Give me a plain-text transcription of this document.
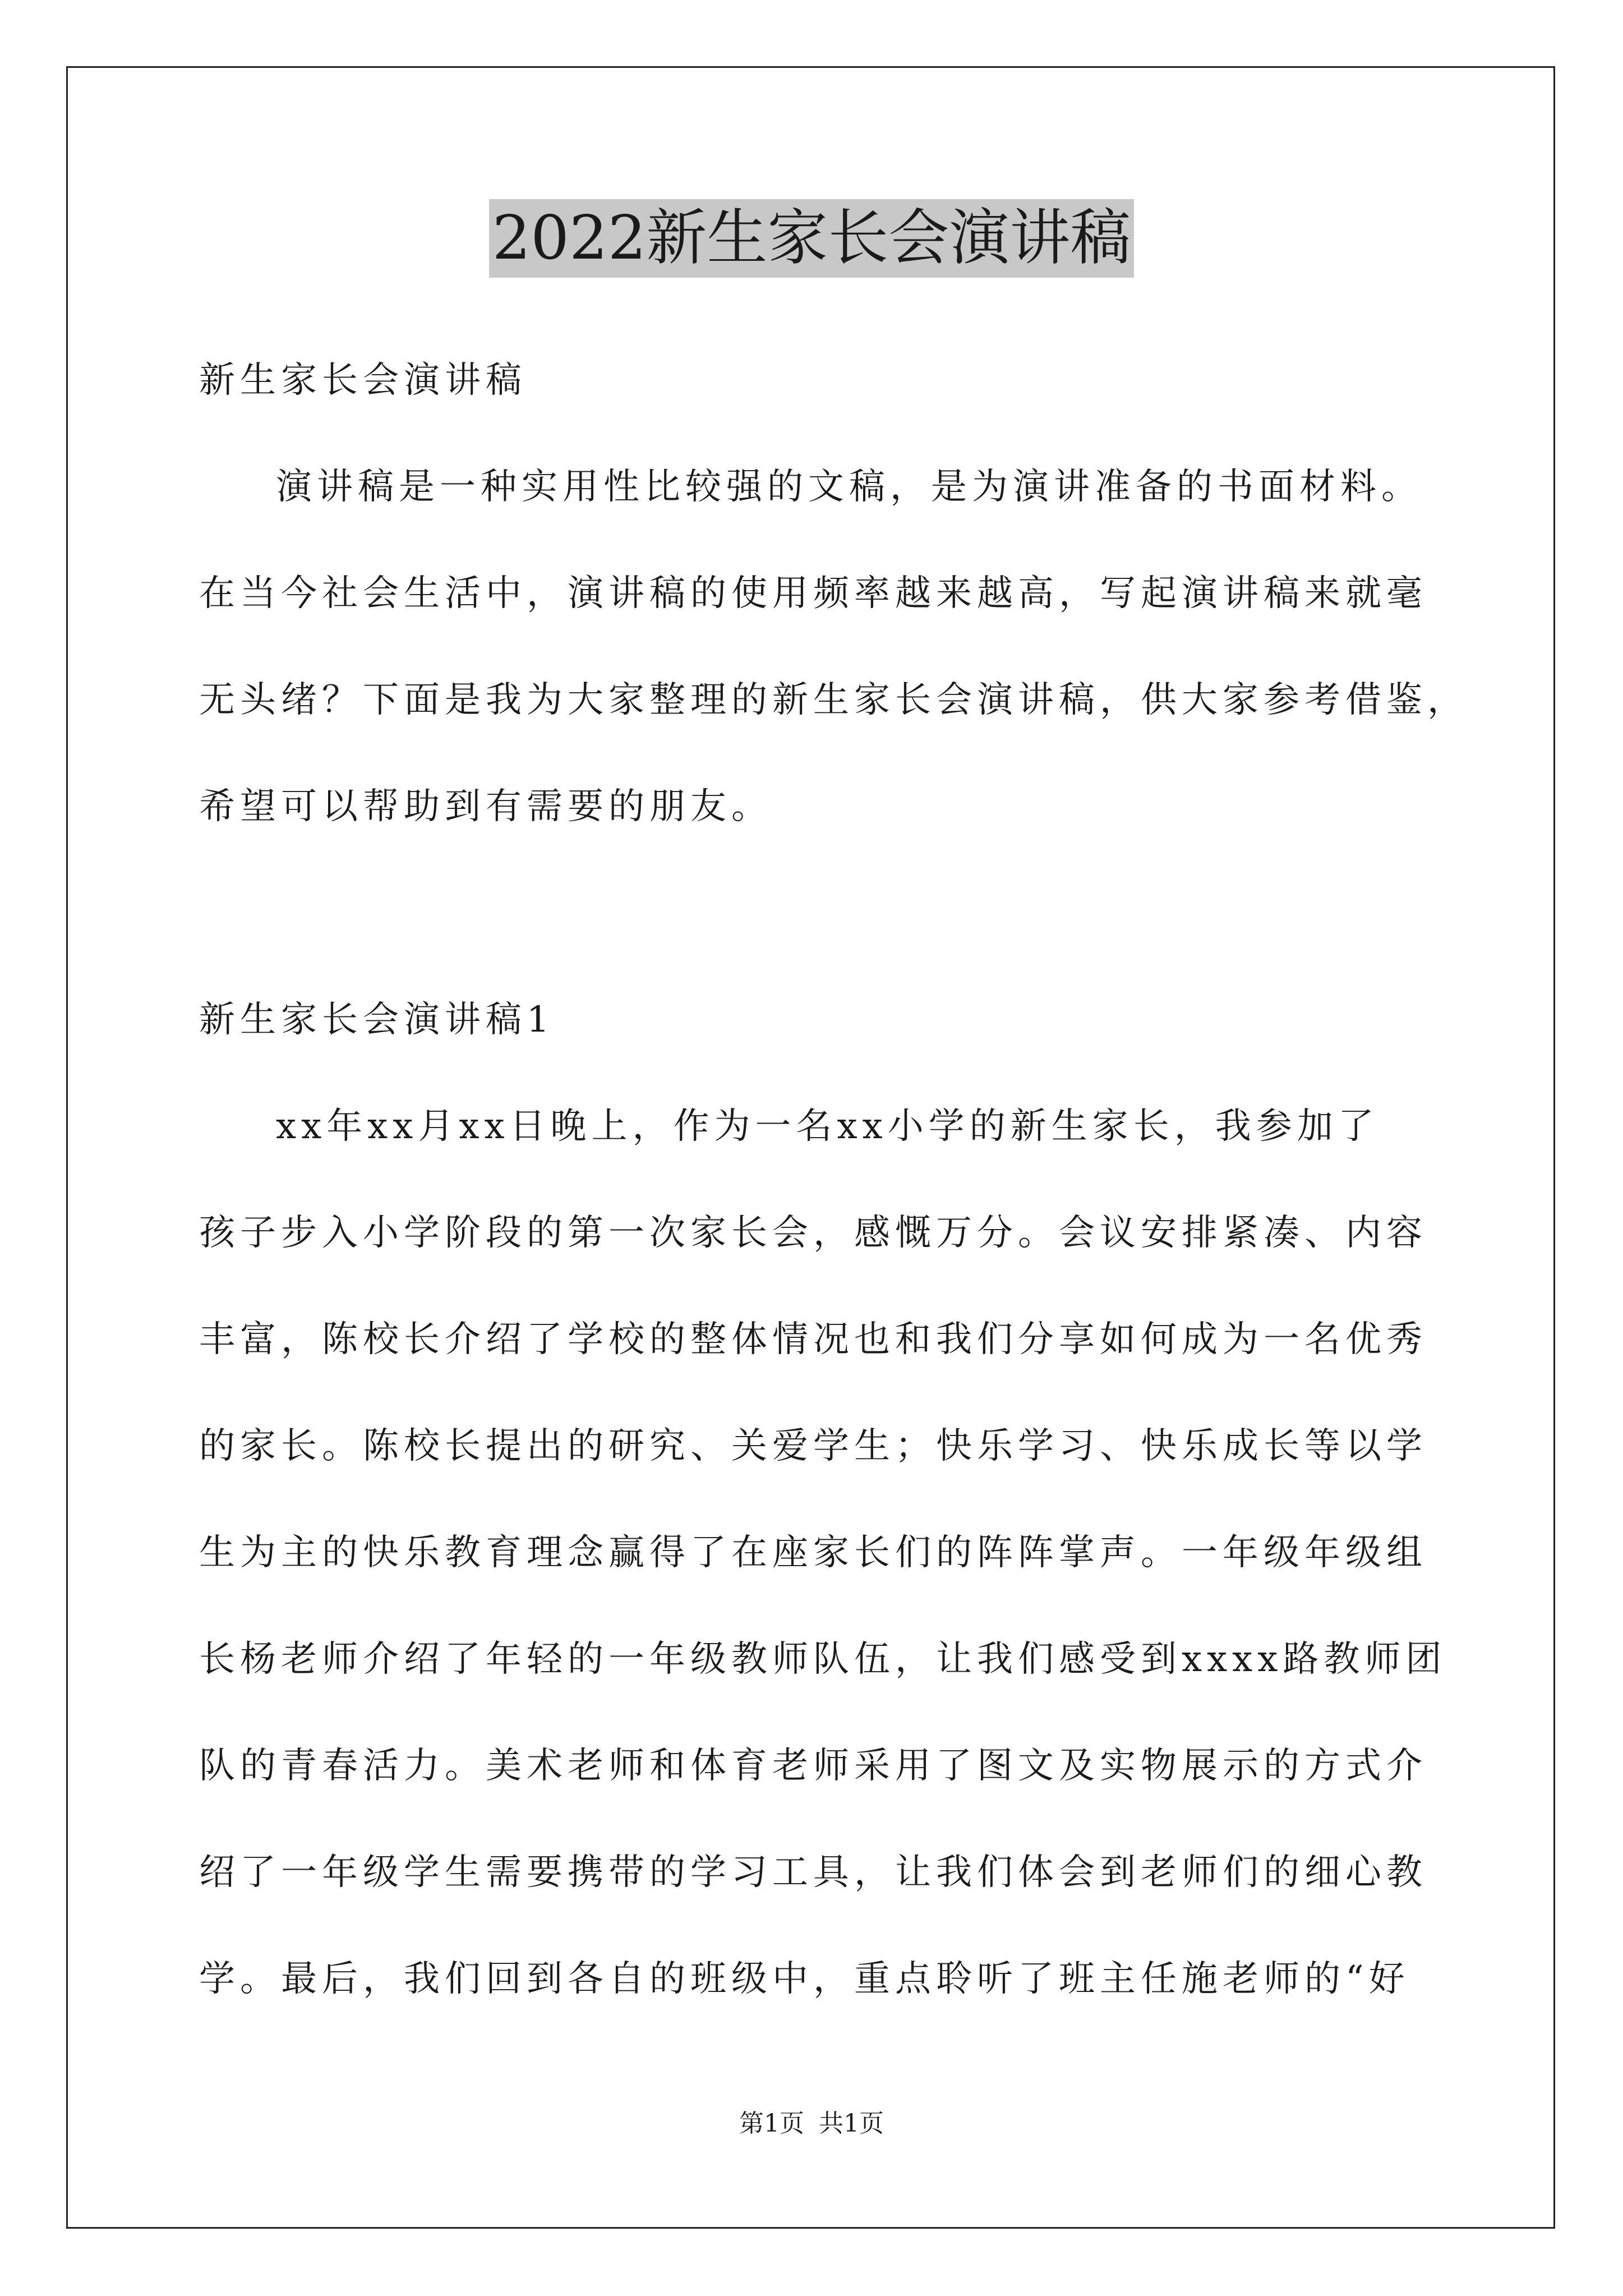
2022新生家长会演讲稿
新生家长会演讲稿
演讲稿是一种实用性比较强的文稿，是为演讲准备的书面材料。
在当今社会生活中，演讲稿的使用频率越来越高，写起演讲稿来就毫
无头绪？下面是我为大家整理的新生家长会演讲稿，供大家参考借鉴，
希望可以帮助到有需要的朋友。
新生家长会演讲稿1
xx年xx月xx日晚上，作为一名xx小学的新生家长，我参加了
孩子步入小学阶段的第一次家长会，感慨万分。会议安排紧凑、内容
丰富，陈校长介绍了学校的整体情况也和我们分享如何成为一名优秀
的家长。陈校长提出的研究、关爱学生；快乐学习、快乐成长等以学
生为主的快乐教育理念赢得了在座家长们的阵阵掌声。一年级年级组
长杨老师介绍了年轻的一年级教师队伍，让我们感受到xxxx路教师团
队的青春活力。美术老师和体育老师采用了图文及实物展示的方式介
绍了一年级学生需要携带的学习工具，让我们体会到老师们的细心教
学。最后，我们回到各自的班级中，重点聆听了班主任施老师的“好
第1页 共1页
